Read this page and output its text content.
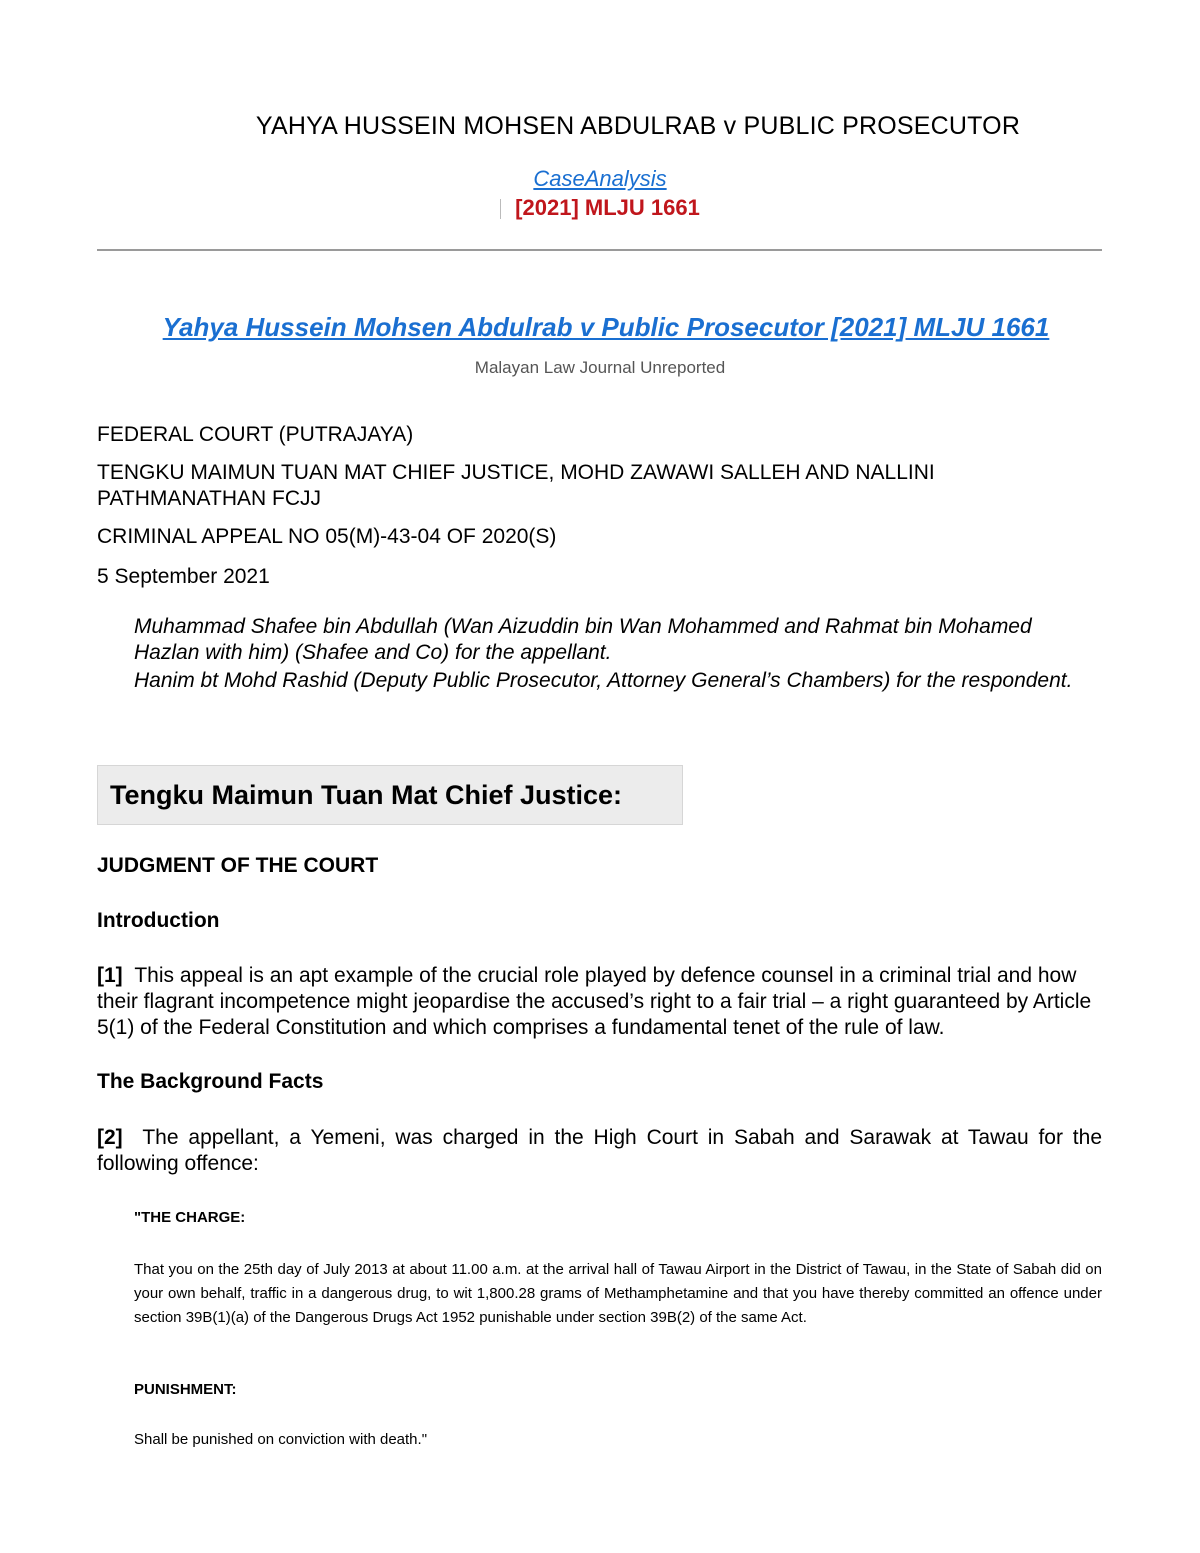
YAHYA HUSSEIN MOHSEN ABDULRAB v PUBLIC PROSECUTOR
CaseAnalysis
[2021] MLJU 1661
Yahya Hussein Mohsen Abdulrab v Public Prosecutor [2021] MLJU 1661
Malayan Law Journal Unreported
FEDERAL COURT (PUTRAJAYA)
TENGKU MAIMUN TUAN MAT CHIEF JUSTICE, MOHD ZAWAWI SALLEH AND NALLINI PATHMANATHAN FCJJ
CRIMINAL APPEAL NO 05(M)-43-04 OF 2020(S)
5 September 2021
Muhammad Shafee bin Abdullah (Wan Aizuddin bin Wan Mohammed and Rahmat bin Mohamed Hazlan with him) (Shafee and Co) for the appellant.
Hanim bt Mohd Rashid (Deputy Public Prosecutor, Attorney General’s Chambers) for the respondent.
Tengku Maimun Tuan Mat Chief Justice:
JUDGMENT OF THE COURT
Introduction
[1] This appeal is an apt example of the crucial role played by defence counsel in a criminal trial and how their flagrant incompetence might jeopardise the accused’s right to a fair trial – a right guaranteed by Article 5(1) of the Federal Constitution and which comprises a fundamental tenet of the rule of law.
The Background Facts
[2] The appellant, a Yemeni, was charged in the High Court in Sabah and Sarawak at Tawau for the following offence:
"THE CHARGE:
That you on the 25th day of July 2013 at about 11.00 a.m. at the arrival hall of Tawau Airport in the District of Tawau, in the State of Sabah did on your own behalf, traffic in a dangerous drug, to wit 1,800.28 grams of Methamphetamine and that you have thereby committed an offence under section 39B(1)(a) of the Dangerous Drugs Act 1952 punishable under section 39B(2) of the same Act.
PUNISHMENT:
Shall be punished on conviction with death."
